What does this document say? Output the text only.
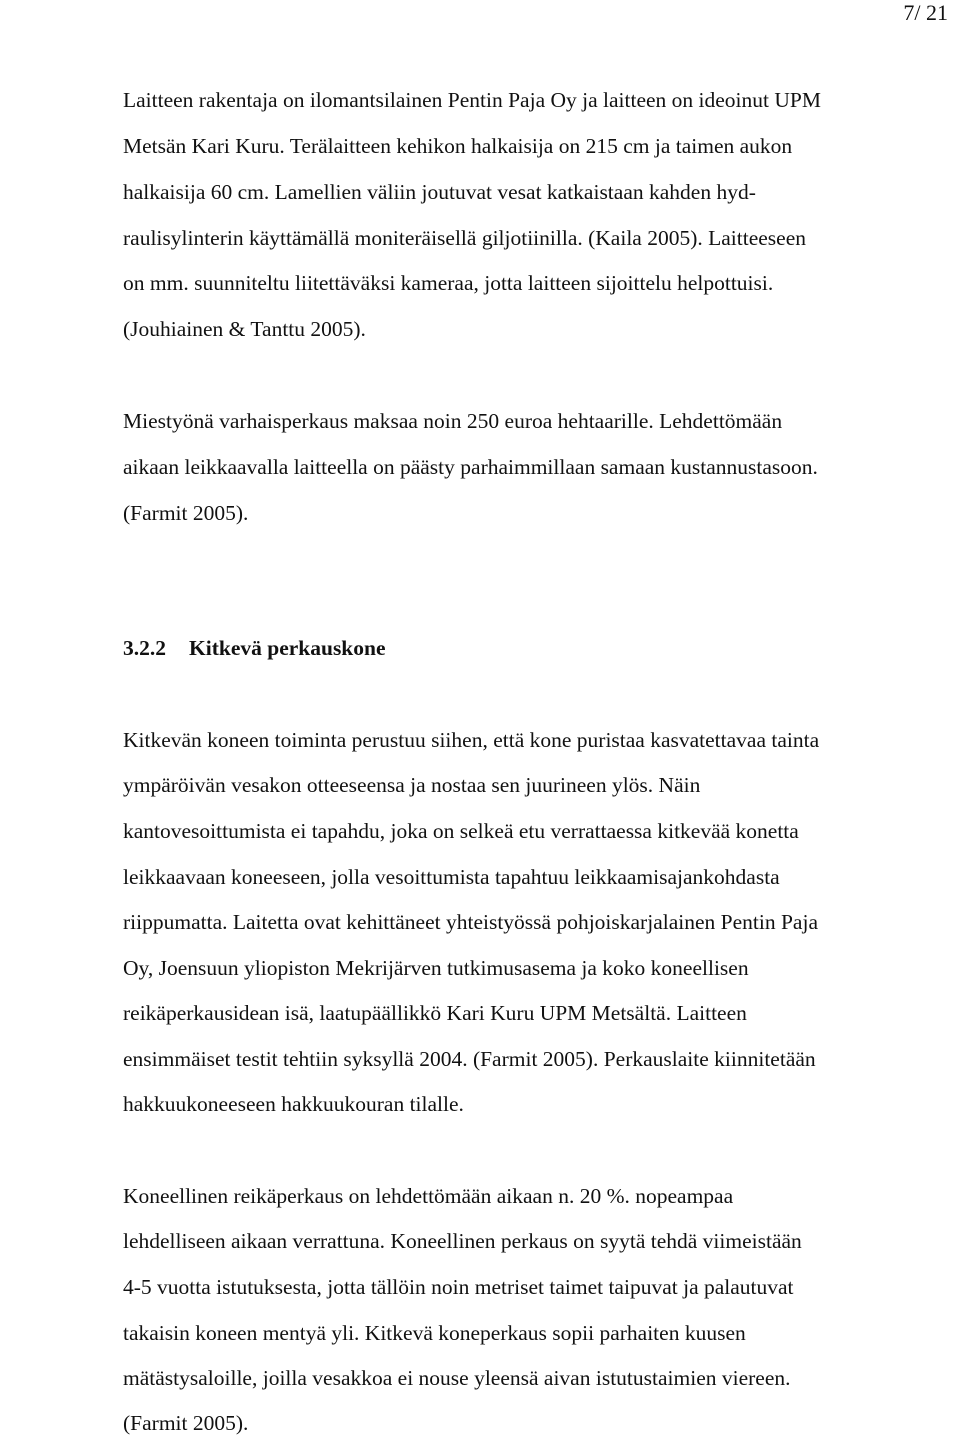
7/ 21
Laitteen rakentaja on ilomantsilainen Pentin Paja Oy ja laitteen on ideoinut UPM
Metsän Kari Kuru. Terälaitteen kehikon halkaisija on 215 cm ja taimen aukon
halkaisija 60 cm. Lamellien väliin joutuvat vesat katkaistaan kahden hyd-
raulisylinterin käyttämällä moniteräisellä giljotiinilla. (Kaila 2005). Laitteeseen
on mm. suunniteltu liitettäväksi kameraa, jotta laitteen sijoittelu helpottuisi.
(Jouhiainen & Tanttu 2005).
Miestyönä varhaisperkaus maksaa noin 250 euroa hehtaarille. Lehdettömään
aikaan leikkaavalla laitteella on päästy parhaimmillaan samaan kustannustasoon.
(Farmit 2005).
3.2.2 Kitkevä perkauskone
Kitkevän koneen toiminta perustuu siihen, että kone puristaa kasvatettavaa tainta
ympäröivän vesakon otteeseensa ja nostaa sen juurineen ylös. Näin
kantovesoittumista ei tapahdu, joka on selkeä etu verrattaessa kitkevää konetta
leikkaavaan koneeseen, jolla vesoittumista tapahtuu leikkaamisajankohdasta
riippumatta. Laitetta ovat kehittäneet yhteistyössä pohjoiskarjalainen Pentin Paja
Oy, Joensuun yliopiston Mekrijärven tutkimusasema ja koko koneellisen
reikäperkausidean isä, laatupäällikkö Kari Kuru UPM Metsältä. Laitteen
ensimmäiset testit tehtiin syksyllä 2004. (Farmit 2005). Perkauslaite kiinnitetään
hakkuukoneeseen hakkuukouran tilalle.
Koneellinen reikäperkaus on lehdettömään aikaan n. 20 %. nopeampaa
lehdelliseen aikaan verrattuna. Koneellinen perkaus on syytä tehdä viimeistään
4-5 vuotta istutuksesta, jotta tällöin noin metriset taimet taipuvat ja palautuvat
takaisin koneen mentyä yli. Kitkevä koneperkaus sopii parhaiten kuusen
mätästysaloille, joilla vesakkoa ei nouse yleensä aivan istutustaimien viereen.
(Farmit 2005).
